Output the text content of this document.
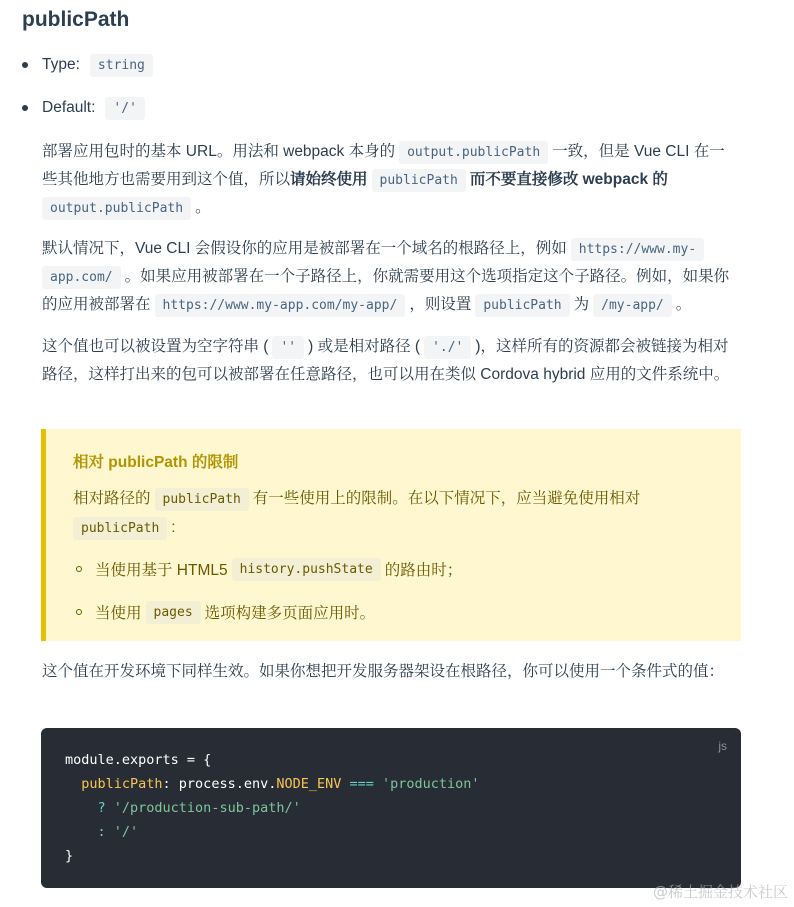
publicPath
Type:	string
Default:	'/'

部署应用包时的基本 URL。用法和 webpack 本身的 output.publicPath 一致，但是 Vue CLI 在一些其他地方也需要用到这个值，所以请始终使用 publicPath 而不要直接修改 webpack 的
output.publicPath 。

默认情况下，Vue CLI 会假设你的应用是被部署在一个域名的根路径上，例如 https://www.my-
app.com/ 。如果应用被部署在一个子路径上，你就需要用这个选项指定这个子路径。例如，如果你的应用被部署在 https://www.my-app.com/my-app/ ，则设置 publicPath 为 /my-app/ 。

这个值也可以被设置为空字符串 ( '' ) 或是相对路径 ( './' )，这样所有的资源都会被链接为相对路径，这样打出来的包可以被部署在任意路径，也可以用在类似 Cordova hybrid 应用的文件系统中。

相对 publicPath 的限制

相对路径的 publicPath 有一些使用上的限制。在以下情况下，应当避免使用相对
publicPath :

当使用基于 HTML5 history.pushState 的路由时；
当使用 pages 选项构建多页面应用时。

这个值在开发环境下同样生效。如果你想把开发服务器架设在根路径，你可以使用一个条件式的值：

js
module.exports = {
publicPath: process.env.NODE_ENV === 'production'
? '/production-sub-path/'
: '/'
}
@稀土掘金技术社区
